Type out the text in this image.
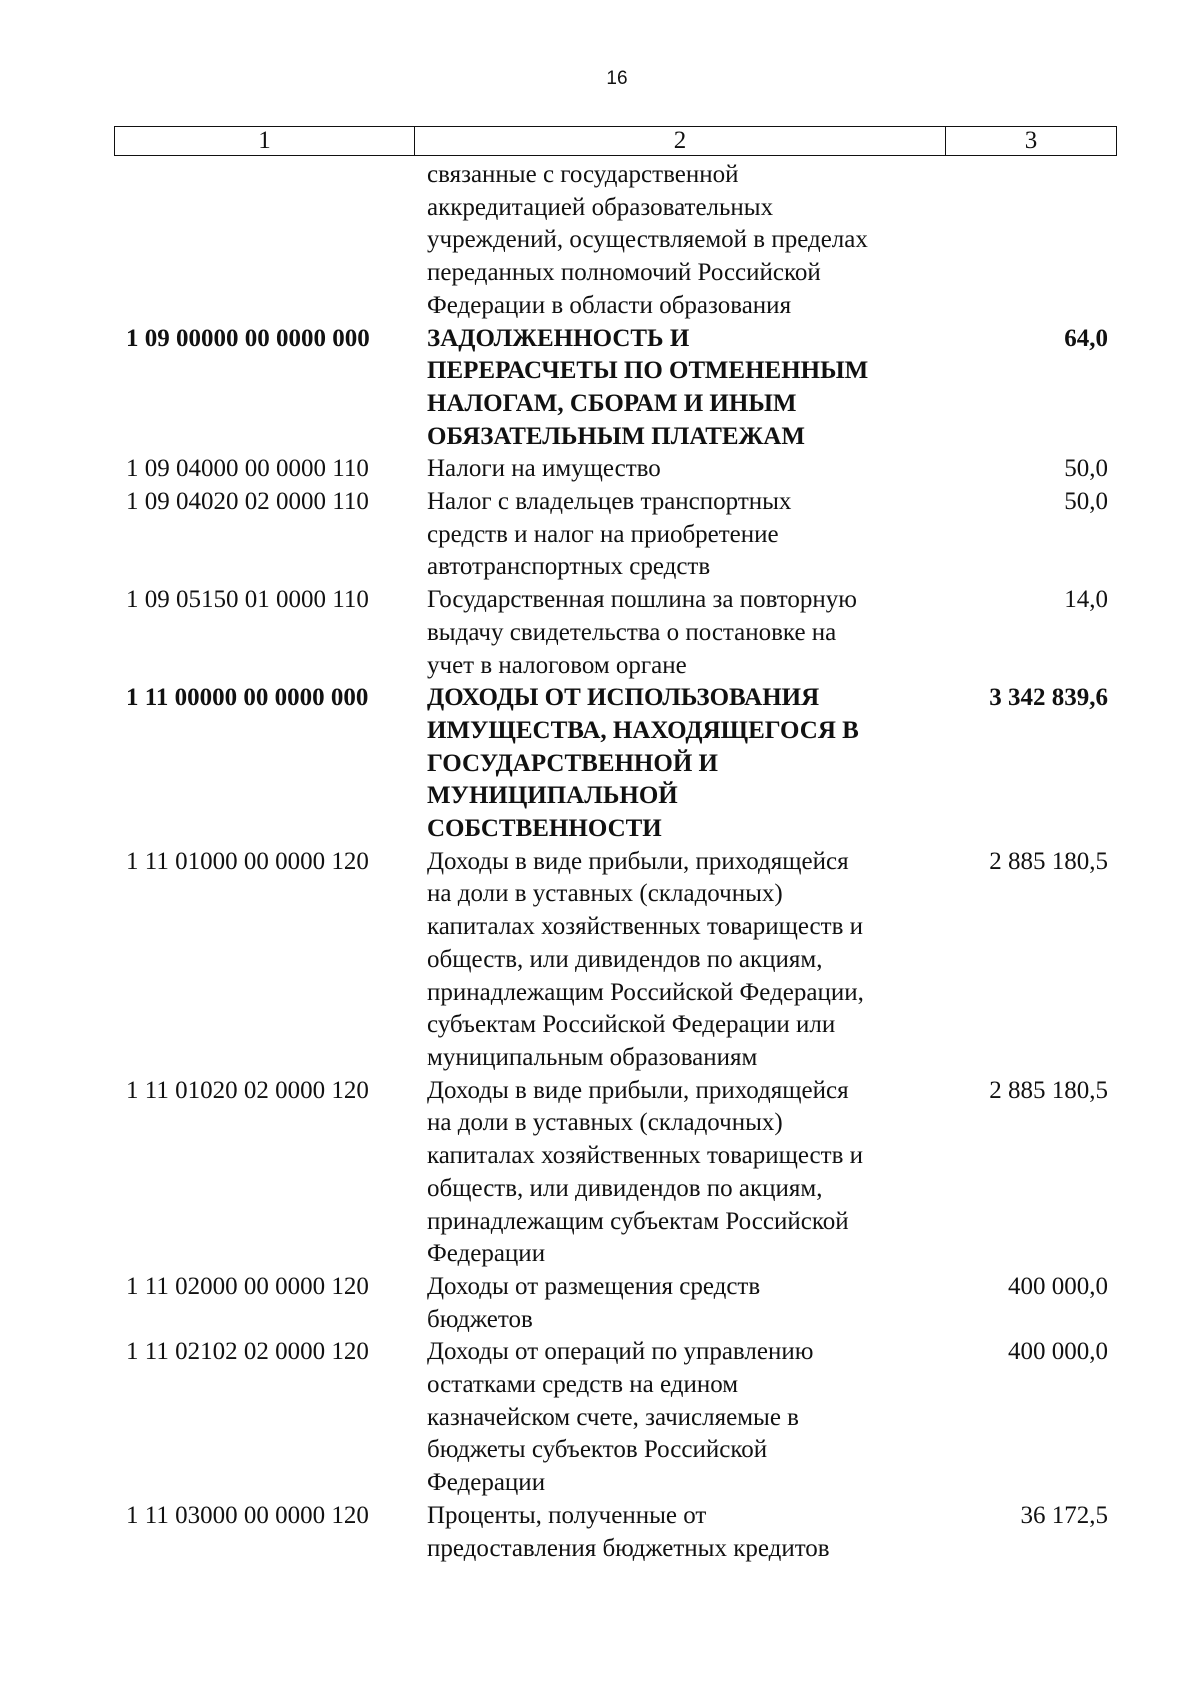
16
1	2	3
связанные с государственной
аккредитацией образовательных
учреждений, осуществляемой в пределах
переданных полномочий Российской
Федерации в области образования
1 09 00000 00 0000 000	ЗАДОЛЖЕННОСТЬ И
ПЕРЕРАСЧЕТЫ ПО ОТМЕНЕННЫМ
НАЛОГАМ, СБОРАМ И ИНЫМ
ОБЯЗАТЕЛЬНЫМ ПЛАТЕЖАМ
64,0
1 09 04000 00 0000 110	Налоги на имущество	50,0
1 09 04020 02 0000 110	Налог с владельцев транспортных
средств и налог на приобретение
автотранспортных средств
50,0
1 09 05150 01 0000 110	Государственная пошлина за повторную
выдачу свидетельства о постановке на
учет в налоговом органе
14,0
1 11 00000 00 0000 000	ДОХОДЫ ОТ ИСПОЛЬЗОВАНИЯ
ИМУЩЕСТВА, НАХОДЯЩЕГОСЯ В
ГОСУДАРСТВЕННОЙ И
МУНИЦИПАЛЬНОЙ
СОБСТВЕННОСТИ
3 342 839,6
1 11 01000 00 0000 120	Доходы в виде прибыли, приходящейся
на доли в уставных (складочных)
капиталах хозяйственных товариществ и
обществ, или дивидендов по акциям,
принадлежащим Российской Федерации,
субъектам Российской Федерации или
муниципальным образованиям
2 885 180,5
1 11 01020 02 0000 120	Доходы в виде прибыли, приходящейся
на доли в уставных (складочных)
капиталах хозяйственных товариществ и
обществ, или дивидендов по акциям,
принадлежащим субъектам Российской
Федерации
2 885 180,5
1 11 02000 00 0000 120	Доходы от размещения средств
бюджетов
400 000,0
1 11 02102 02 0000 120	Доходы от операций по управлению
остатками средств на едином
казначейском счете, зачисляемые в
бюджеты субъектов Российской
Федерации
400 000,0
1 11 03000 00 0000 120	Проценты, полученные от
предоставления бюджетных кредитов
36 172,5
